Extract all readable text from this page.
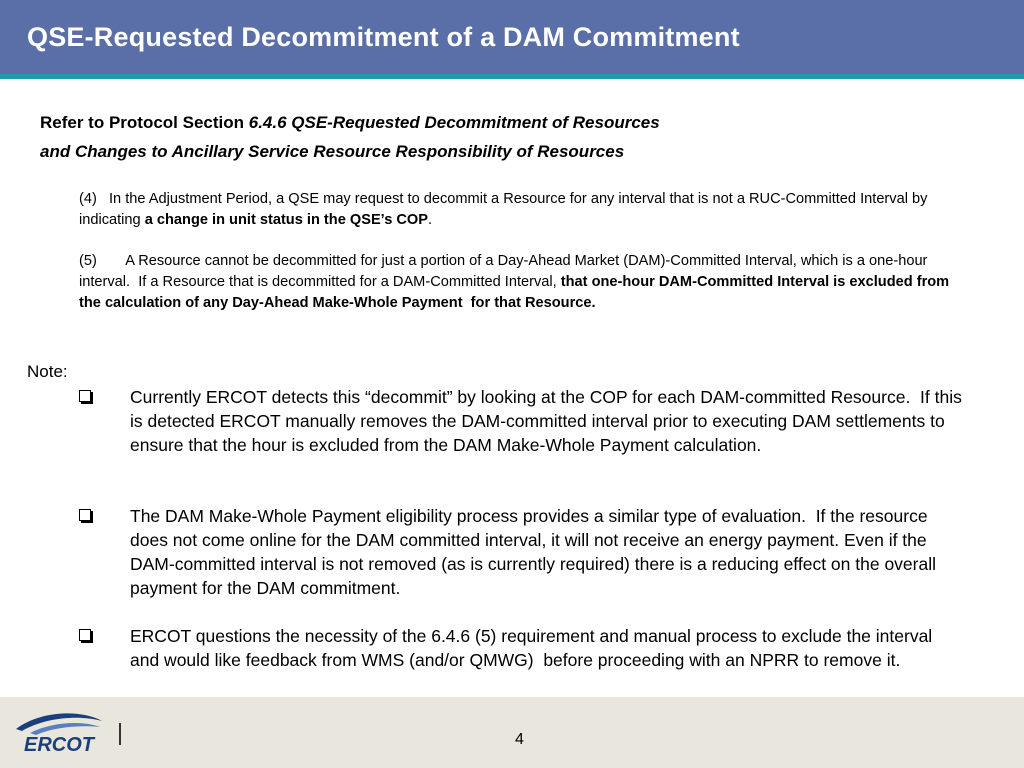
QSE-Requested Decommitment of a DAM Commitment
Refer to Protocol Section 6.4.6 QSE-Requested Decommitment of Resources
and Changes to Ancillary Service Resource Responsibility of Resources
(4)   In the Adjustment Period, a QSE may request to decommit a Resource for any interval that is not a RUC-Committed Interval by indicating a change in unit status in the QSE’s COP.
(5)       A Resource cannot be decommitted for just a portion of a Day-Ahead Market (DAM)-Committed Interval, which is a one-hour interval.  If a Resource that is decommitted for a DAM-Committed Interval, that one-hour DAM-Committed Interval is excluded from the calculation of any Day-Ahead Make-Whole Payment  for that Resource.
Note:
Currently ERCOT detects this “decommit” by looking at the COP for each DAM-committed Resource.  If this is detected ERCOT manually removes the DAM-committed interval prior to executing DAM settlements to ensure that the hour is excluded from the DAM Make-Whole Payment calculation.
The DAM Make-Whole Payment eligibility process provides a similar type of evaluation.  If the resource does not come online for the DAM committed interval, it will not receive an energy payment. Even if the DAM-committed interval is not removed (as is currently required) there is a reducing effect on the overall payment for the DAM commitment.
ERCOT questions the necessity of the 6.4.6 (5) requirement and manual process to exclude the interval and would like feedback from WMS (and/or QMWG)  before proceeding with an NPRR to remove it.
ERCOT	4
